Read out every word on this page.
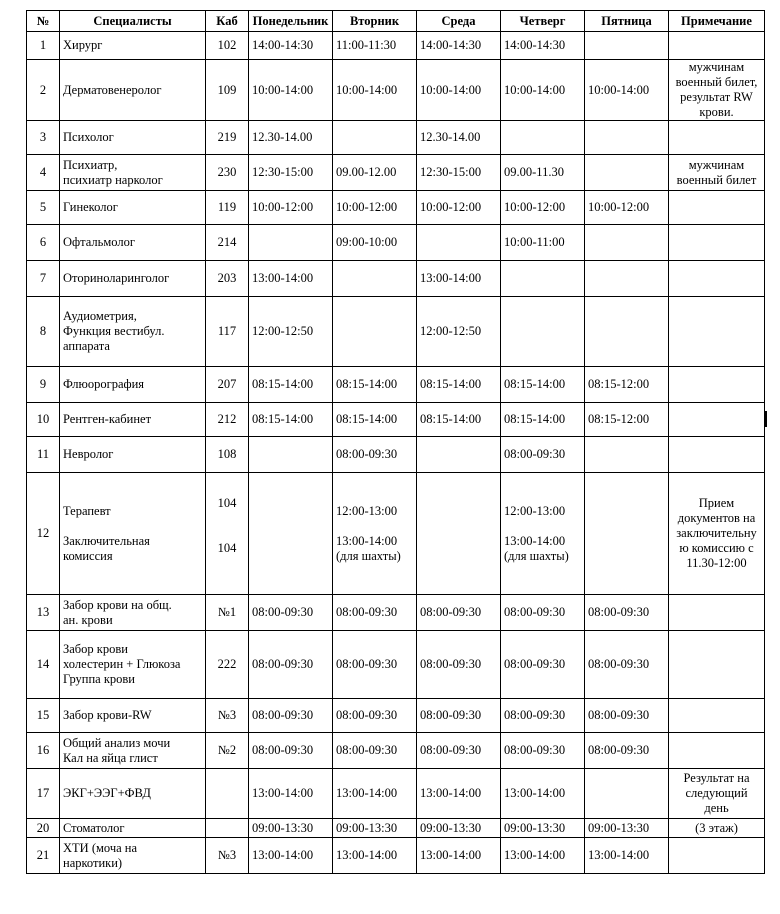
№	Специалисты	Каб	Понедельник	Вторник	Среда	Четверг	Пятница	Примечание
1	Хирург	102	14:00-14:30	11:00-11:30	14:00-14:30	14:00-14:30		

2	Дерматовенеролог	109	10:00-14:00	10:00-14:00	10:00-14:00	10:00-14:00	10:00-14:00	мужчинам
военный билет,
результат RW
крови.

3	Психолог	219	12.30-14.00		12.30-14.00			

4	Психиатр,
психиатр нарколог	230	12:30-15:00	09.00-12.00	12:30-15:00	09.00-11.30		мужчинам
военный билет

5	Гинеколог	119	10:00-12:00	10:00-12:00	10:00-12:00	10:00-12:00	10:00-12:00	

6	Офтальмолог	214		09:00-10:00		10:00-11:00		

7	Оториноларинголог	203	13:00-14:00		13:00-14:00			

8	Аудиометрия,
Функция вестибул.
аппарата	117	12:00-12:50		12:00-12:50			

9	Флюорография	207	08:15-14:00	08:15-14:00	08:15-14:00	08:15-14:00	08:15-12:00	

10	Рентген-кабинет	212	08:15-14:00	08:15-14:00	08:15-14:00	08:15-14:00	08:15-12:00	

11	Невролог	108		08:00-09:30		08:00-09:30		

12	Терапевт
Заключительная
комиссия	104
104		12:00-13:00
13:00-14:00
(для шахты)		12:00-13:00
13:00-14:00
(для шахты)		Прием
документов на
заключительну
ю комиссию с
11.30-12:00

13	Забор крови на общ.
ан. крови	№1	08:00-09:30	08:00-09:30	08:00-09:30	08:00-09:30	08:00-09:30	

14	Забор крови
холестерин + Глюкоза
Группа крови	222	08:00-09:30	08:00-09:30	08:00-09:30	08:00-09:30	08:00-09:30	

15	Забор крови-RW	№3	08:00-09:30	08:00-09:30	08:00-09:30	08:00-09:30	08:00-09:30	

16	Общий анализ мочи
Кал на яйца глист	№2	08:00-09:30	08:00-09:30	08:00-09:30	08:00-09:30	08:00-09:30	

17	ЭКГ+ЭЭГ+ФВД		13:00-14:00	13:00-14:00	13:00-14:00	13:00-14:00		Результат на
следующий
день

20	Стоматолог		09:00-13:30	09:00-13:30	09:00-13:30	09:00-13:30	09:00-13:30	(3 этаж)

21	ХТИ (моча на
наркотики)	№3	13:00-14:00	13:00-14:00	13:00-14:00	13:00-14:00	13:00-14:00	
